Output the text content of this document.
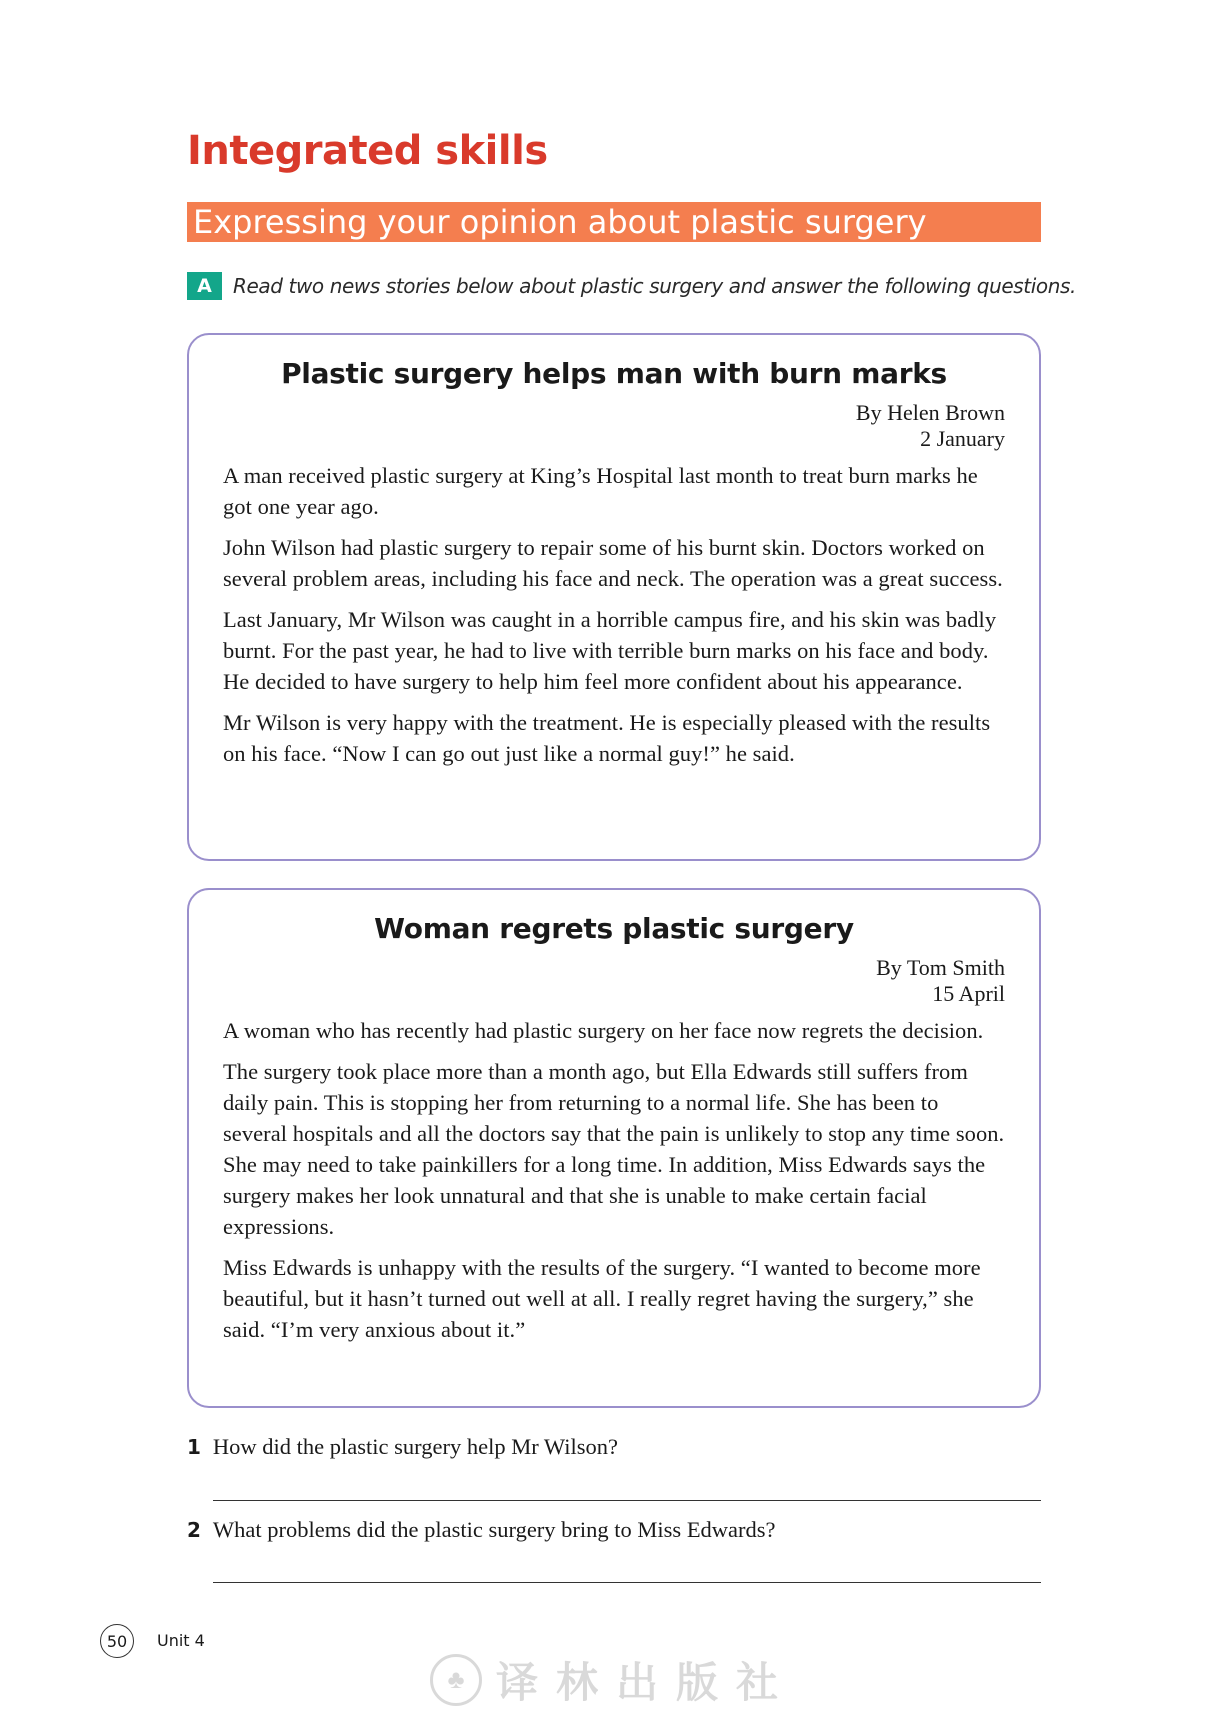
Integrated skills
Expressing your opinion about plastic surgery
A	Read two news stories below about plastic surgery and answer the following questions.
Plastic surgery helps man with burn marks
By Helen Brown
2 January

A man received plastic surgery at King’s Hospital last month to treat burn marks he got one year ago.

John Wilson had plastic surgery to repair some of his burnt skin. Doctors worked on several problem areas, including his face and neck. The operation was a great success.

Last January, Mr Wilson was caught in a horrible campus fire, and his skin was badly burnt. For the past year, he had to live with terrible burn marks on his face and body. He decided to have surgery to help him feel more confident about his appearance.

Mr Wilson is very happy with the treatment. He is especially pleased with the results on his face. “Now I can go out just like a normal guy!” he said.

Woman regrets plastic surgery
By Tom Smith
15 April

A woman who has recently had plastic surgery on her face now regrets the decision.

The surgery took place more than a month ago, but Ella Edwards still suffers from daily pain. This is stopping her from returning to a normal life. She has been to several hospitals and all the doctors say that the pain is unlikely to stop any time soon. She may need to take painkillers for a long time. In addition, Miss Edwards says the surgery makes her look unnatural and that she is unable to make certain facial expressions.

Miss Edwards is unhappy with the results of the surgery. “I wanted to become more beautiful, but it hasn’t turned out well at all. I really regret having the surgery,” she said. “I’m very anxious about it.”

1 How did the plastic surgery help Mr Wilson?
2 What problems did the plastic surgery bring to Miss Edwards?
50	Unit 4
♣ 译林出版社
